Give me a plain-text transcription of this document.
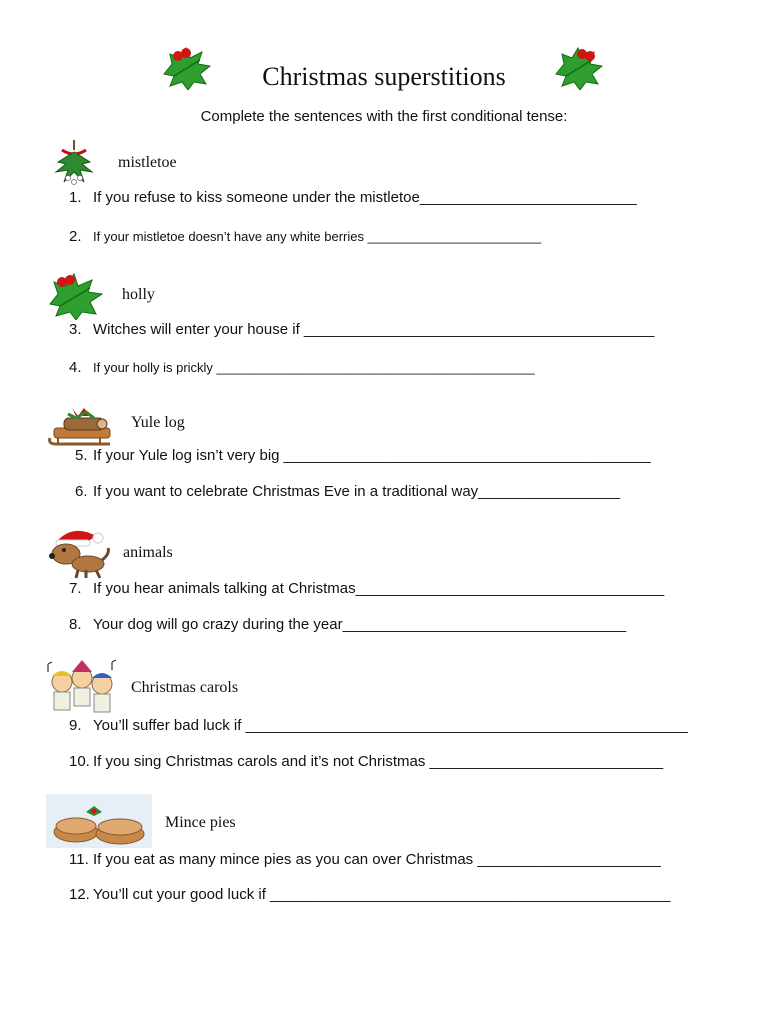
Christmas superstitions
Complete the sentences with the first conditional tense:
mistletoe
1. If you refuse to kiss someone under the mistletoe__________________________
2. If your mistletoe doesn’t have any white berries ________________________
holly
3. Witches will enter your house if __________________________________________
4. If your holly is prickly ____________________________________________
Yule log
5. If your Yule log isn’t very big ____________________________________________
6. If you want to celebrate Christmas Eve in a traditional way_________________
animals
7. If you hear animals talking at Christmas_____________________________________
8. Your dog will go crazy during the year__________________________________
Christmas carols
9. You’ll suffer bad luck if _____________________________________________________
10. If you sing Christmas carols and it’s not Christmas ____________________________
Mince pies
11. If you eat as many mince pies as you can over Christmas ______________________
12. You’ll cut your good luck if ________________________________________________
